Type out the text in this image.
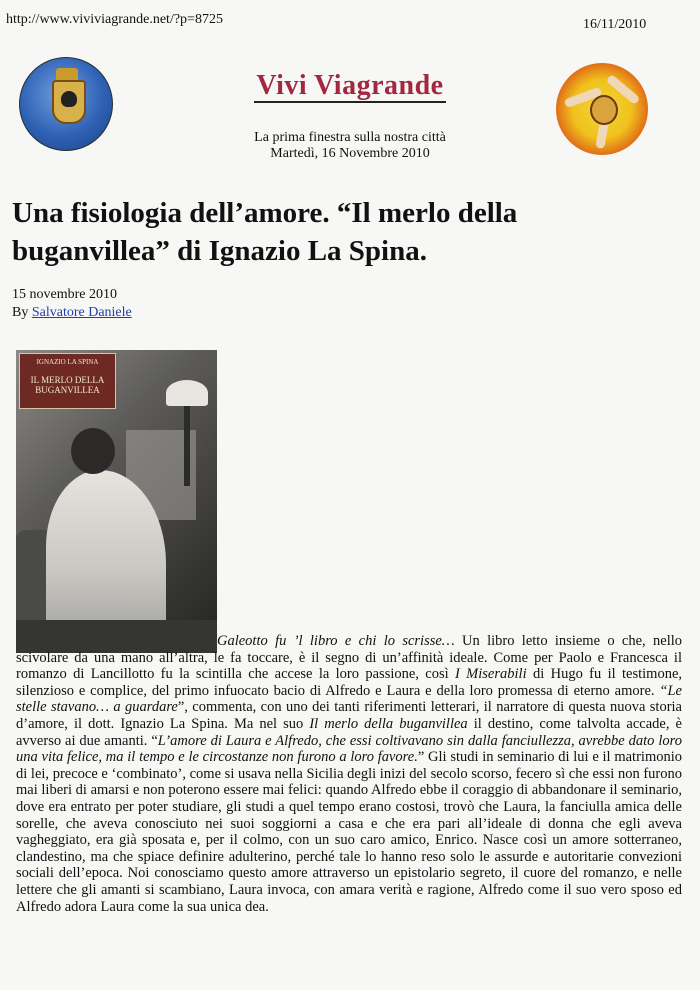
http://www.viviviagrande.net/?p=8725	16/11/2010
Vivi Viagrande
La prima finestra sulla nostra città
Martedì, 16 Novembre 2010
Una fisiologia dell’amore. “Il merlo della buganvillea” di Ignazio La Spina.
15 novembre 2010
By Salvatore Daniele
IGNAZIO LA SPINA
IL MERLO DELLA BUGANVILLEA

Galeotto fu ’l libro e chi lo scrisse… Un libro letto insieme o che, nello scivolare da una mano all’altra, le fa toccare, è il segno di un’affinità ideale. Come per Paolo e Francesca il romanzo di Lancillotto fu la scintilla che accese la loro passione, così I Miserabili di Hugo fu il testimone, silenzioso e complice, del primo infuocato bacio di Alfredo e Laura e della loro promessa di eterno amore. “Le stelle stavano… a guardare”, commenta, con uno dei tanti riferimenti letterari, il narratore di questa nuova storia d’amore, il dott. Ignazio La Spina. Ma nel suo Il merlo della buganvillea il destino, come talvolta accade, è avverso ai due amanti. “L’amore di Laura e Alfredo, che essi coltivavano sin dalla fanciullezza, avrebbe dato loro una vita felice, ma il tempo e le circostanze non furono a loro favore.” Gli studi in seminario di lui e il matrimonio di lei, precoce e ‘combinato’, come si usava nella Sicilia degli inizi del secolo scorso, fecero sì che essi non furono mai liberi di amarsi e non poterono essere mai felici: quando Alfredo ebbe il coraggio di abbandonare il seminario, dove era entrato per poter studiare, gli studi a quel tempo erano costosi, trovò che Laura, la fanciulla amica delle sorelle, che aveva conosciuto nei suoi soggiorni a casa e che era pari all’ideale di donna che egli aveva vagheggiato, era già sposata e, per il colmo, con un suo caro amico, Enrico. Nasce così un amore sotterraneo, clandestino, ma che spiace definire adulterino, perché tale lo hanno reso solo le assurde e autoritarie convezioni sociali dell’epoca. Noi conosciamo questo amore attraverso un epistolario segreto, il cuore del romanzo, e nelle lettere che gli amanti si scambiano, Laura invoca, con amara verità e ragione, Alfredo come il suo vero sposo ed Alfredo adora Laura come la sua unica dea.
